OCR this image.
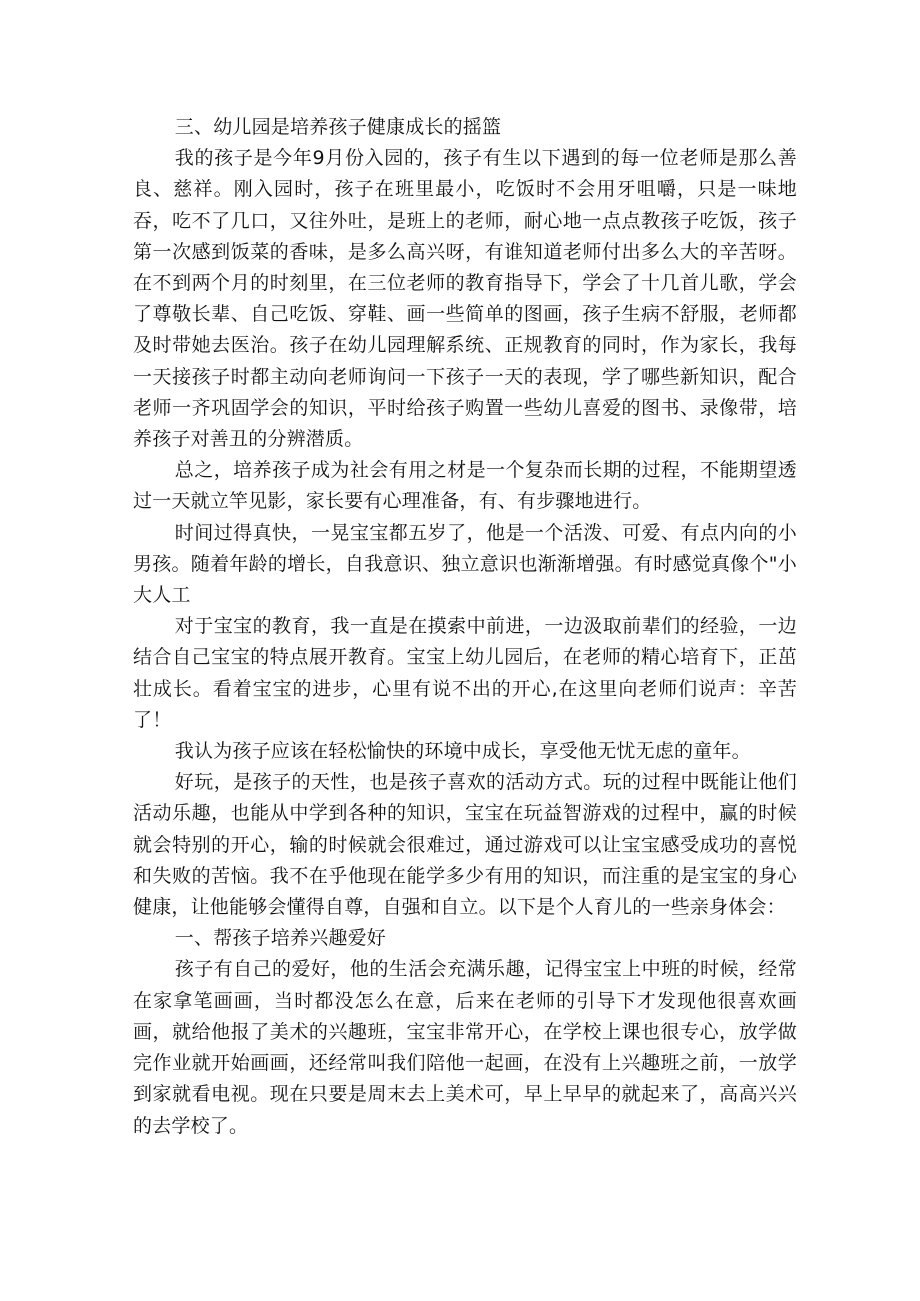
三、幼儿园是培养孩子健康成长的摇篮

我的孩子是今年9月份入园的，孩子有生以下遇到的每一位老师是那么善良、慈祥。刚入园时，孩子在班里最小，吃饭时不会用牙咀嚼，只是一味地吞，吃不了几口，又往外吐，是班上的老师，耐心地一点点教孩子吃饭，孩子第一次感到饭菜的香味，是多么高兴呀，有谁知道老师付出多么大的辛苦呀。在不到两个月的时刻里，在三位老师的教育指导下，学会了十几首儿歌，学会了尊敬长辈、自己吃饭、穿鞋、画一些简单的图画，孩子生病不舒服，老师都及时带她去医治。孩子在幼儿园理解系统、正规教育的同时，作为家长，我每一天接孩子时都主动向老师询问一下孩子一天的表现，学了哪些新知识，配合老师一齐巩固学会的知识，平时给孩子购置一些幼儿喜爱的图书、录像带，培养孩子对善丑的分辨潜质。

总之，培养孩子成为社会有用之材是一个复杂而长期的过程，不能期望透过一天就立竿见影，家长要有心理准备，有、有步骤地进行。

时间过得真快，一晃宝宝都五岁了，他是一个活泼、可爱、有点内向的小男孩。随着年龄的增长，自我意识、独立意识也渐渐增强。有时感觉真像个"小大人工

对于宝宝的教育，我一直是在摸索中前进，一边汲取前辈们的经验，一边结合自己宝宝的特点展开教育。宝宝上幼儿园后，在老师的精心培育下，正茁壮成长。看着宝宝的进步，心里有说不出的开心,在这里向老师们说声：辛苦了！

我认为孩子应该在轻松愉快的环境中成长，享受他无忧无虑的童年。

好玩，是孩子的天性，也是孩子喜欢的活动方式。玩的过程中既能让他们活动乐趣，也能从中学到各种的知识，宝宝在玩益智游戏的过程中，赢的时候就会特别的开心，输的时候就会很难过，通过游戏可以让宝宝感受成功的喜悦和失败的苦恼。我不在乎他现在能学多少有用的知识，而注重的是宝宝的身心健康，让他能够会懂得自尊，自强和自立。以下是个人育儿的一些亲身体会：

一、帮孩子培养兴趣爱好

孩子有自己的爱好，他的生活会充满乐趣，记得宝宝上中班的时候，经常在家拿笔画画，当时都没怎么在意，后来在老师的引导下才发现他很喜欢画画，就给他报了美术的兴趣班，宝宝非常开心，在学校上课也很专心，放学做完作业就开始画画，还经常叫我们陪他一起画，在没有上兴趣班之前，一放学到家就看电视。现在只要是周末去上美术可，早上早早的就起来了，高高兴兴的去学校了。
